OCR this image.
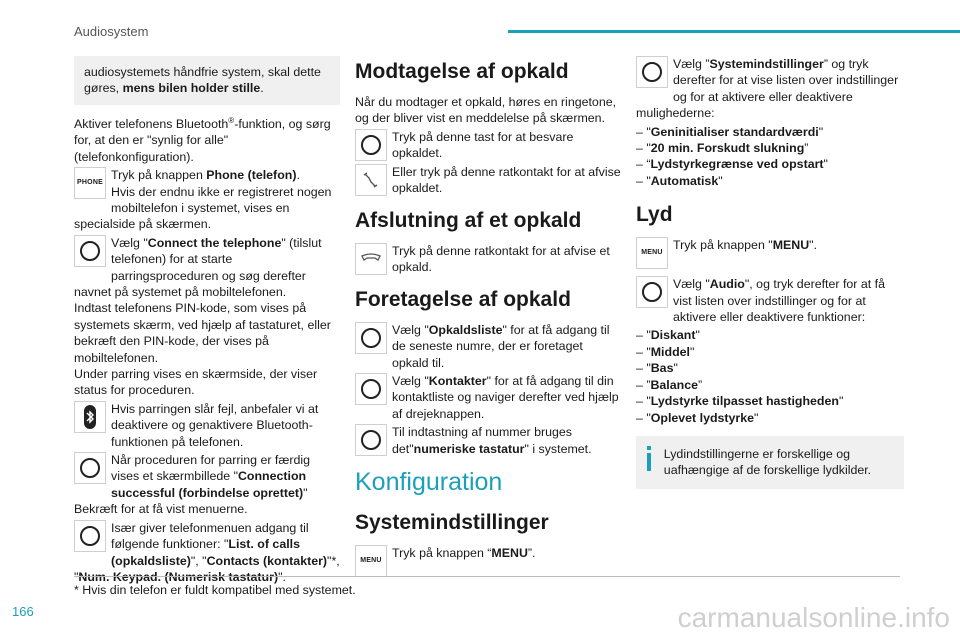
Audiosystem
audiosystemets håndfrie system, skal dette gøres, mens bilen holder stille.

Aktiver telefonens Bluetooth®-funktion, og sørg for, at den er "synlig for alle" (telefonkonfiguration).

PHONE
Tryk på knappen Phone (telefon).
Hvis der endnu ikke er registreret nogen mobiltelefon i systemet, vises en specialside på skærmen.
Vælg "Connect the telephone" (tilslut telefonen) for at starte parringsproceduren og søg derefter navnet på systemet på mobiltelefonen.
Indtast telefonens PIN-kode, som vises på systemets skærm, ved hjælp af tastaturet, eller bekræft den PIN-kode, der vises på mobiltelefonen.
Under parring vises en skærmside, der viser status for proceduren.
Hvis parringen slår fejl, anbefaler vi at deaktivere og genaktivere Bluetooth-funktionen på telefonen.
Når proceduren for parring er færdig vises et skærmbillede "Connection successful (forbindelse oprettet)"
Bekræft for at få vist menuerne.
Især giver telefonmenuen adgang til følgende funktioner: "List. of calls (opkaldsliste)", "Contacts (kontakter)"*,
Modtagelse af opkald

Når du modtager et opkald, høres en ringetone, og der bliver vist en meddelelse på skærmen.

Tryk på denne tast for at besvare opkaldet.
Eller tryk på denne ratkontakt for at afvise opkaldet.
Afslutning af et opkald
Tryk på denne ratkontakt for at afvise et opkald.
Foretagelse af opkald
Vælg "Opkaldsliste" for at få adgang til de seneste numre, der er foretaget opkald til.
Vælg "Kontakter" for at få adgang til din kontaktliste og naviger derefter ved hjælp af drejeknappen.
Til indtastning af nummer bruges det"numeriske tastatur" i systemet.
Konfiguration
Systemindstillinger
MENU
Tryk på knappen “MENU”.
Vælg ”Systemindstillinger” og tryk derefter for at vise listen over indstillinger og for at aktivere eller deaktivere mulighederne:
– "Geninitialiser standardværdi"
– "20 min. Forskudt slukning”
– “Lydstyrkegrænse ved opstart"
– "Automatisk"
Lyd
MENU
Tryk på knappen "MENU".
Vælg "Audio", og tryk derefter for at få vist listen over indstillinger og for at aktivere eller deaktivere funktioner:
– "Diskant"
– "Middel"
– "Bas"
– ”Balance”
– "Lydstyrke tilpasset hastigheden"
– "Oplevet lydstyrke"
Lydindstillingerne er forskellige og uafhængige af de forskellige lydkilder.
* Hvis din telefon er fuldt kompatibel med systemet.
166	carmanualsonline.info
